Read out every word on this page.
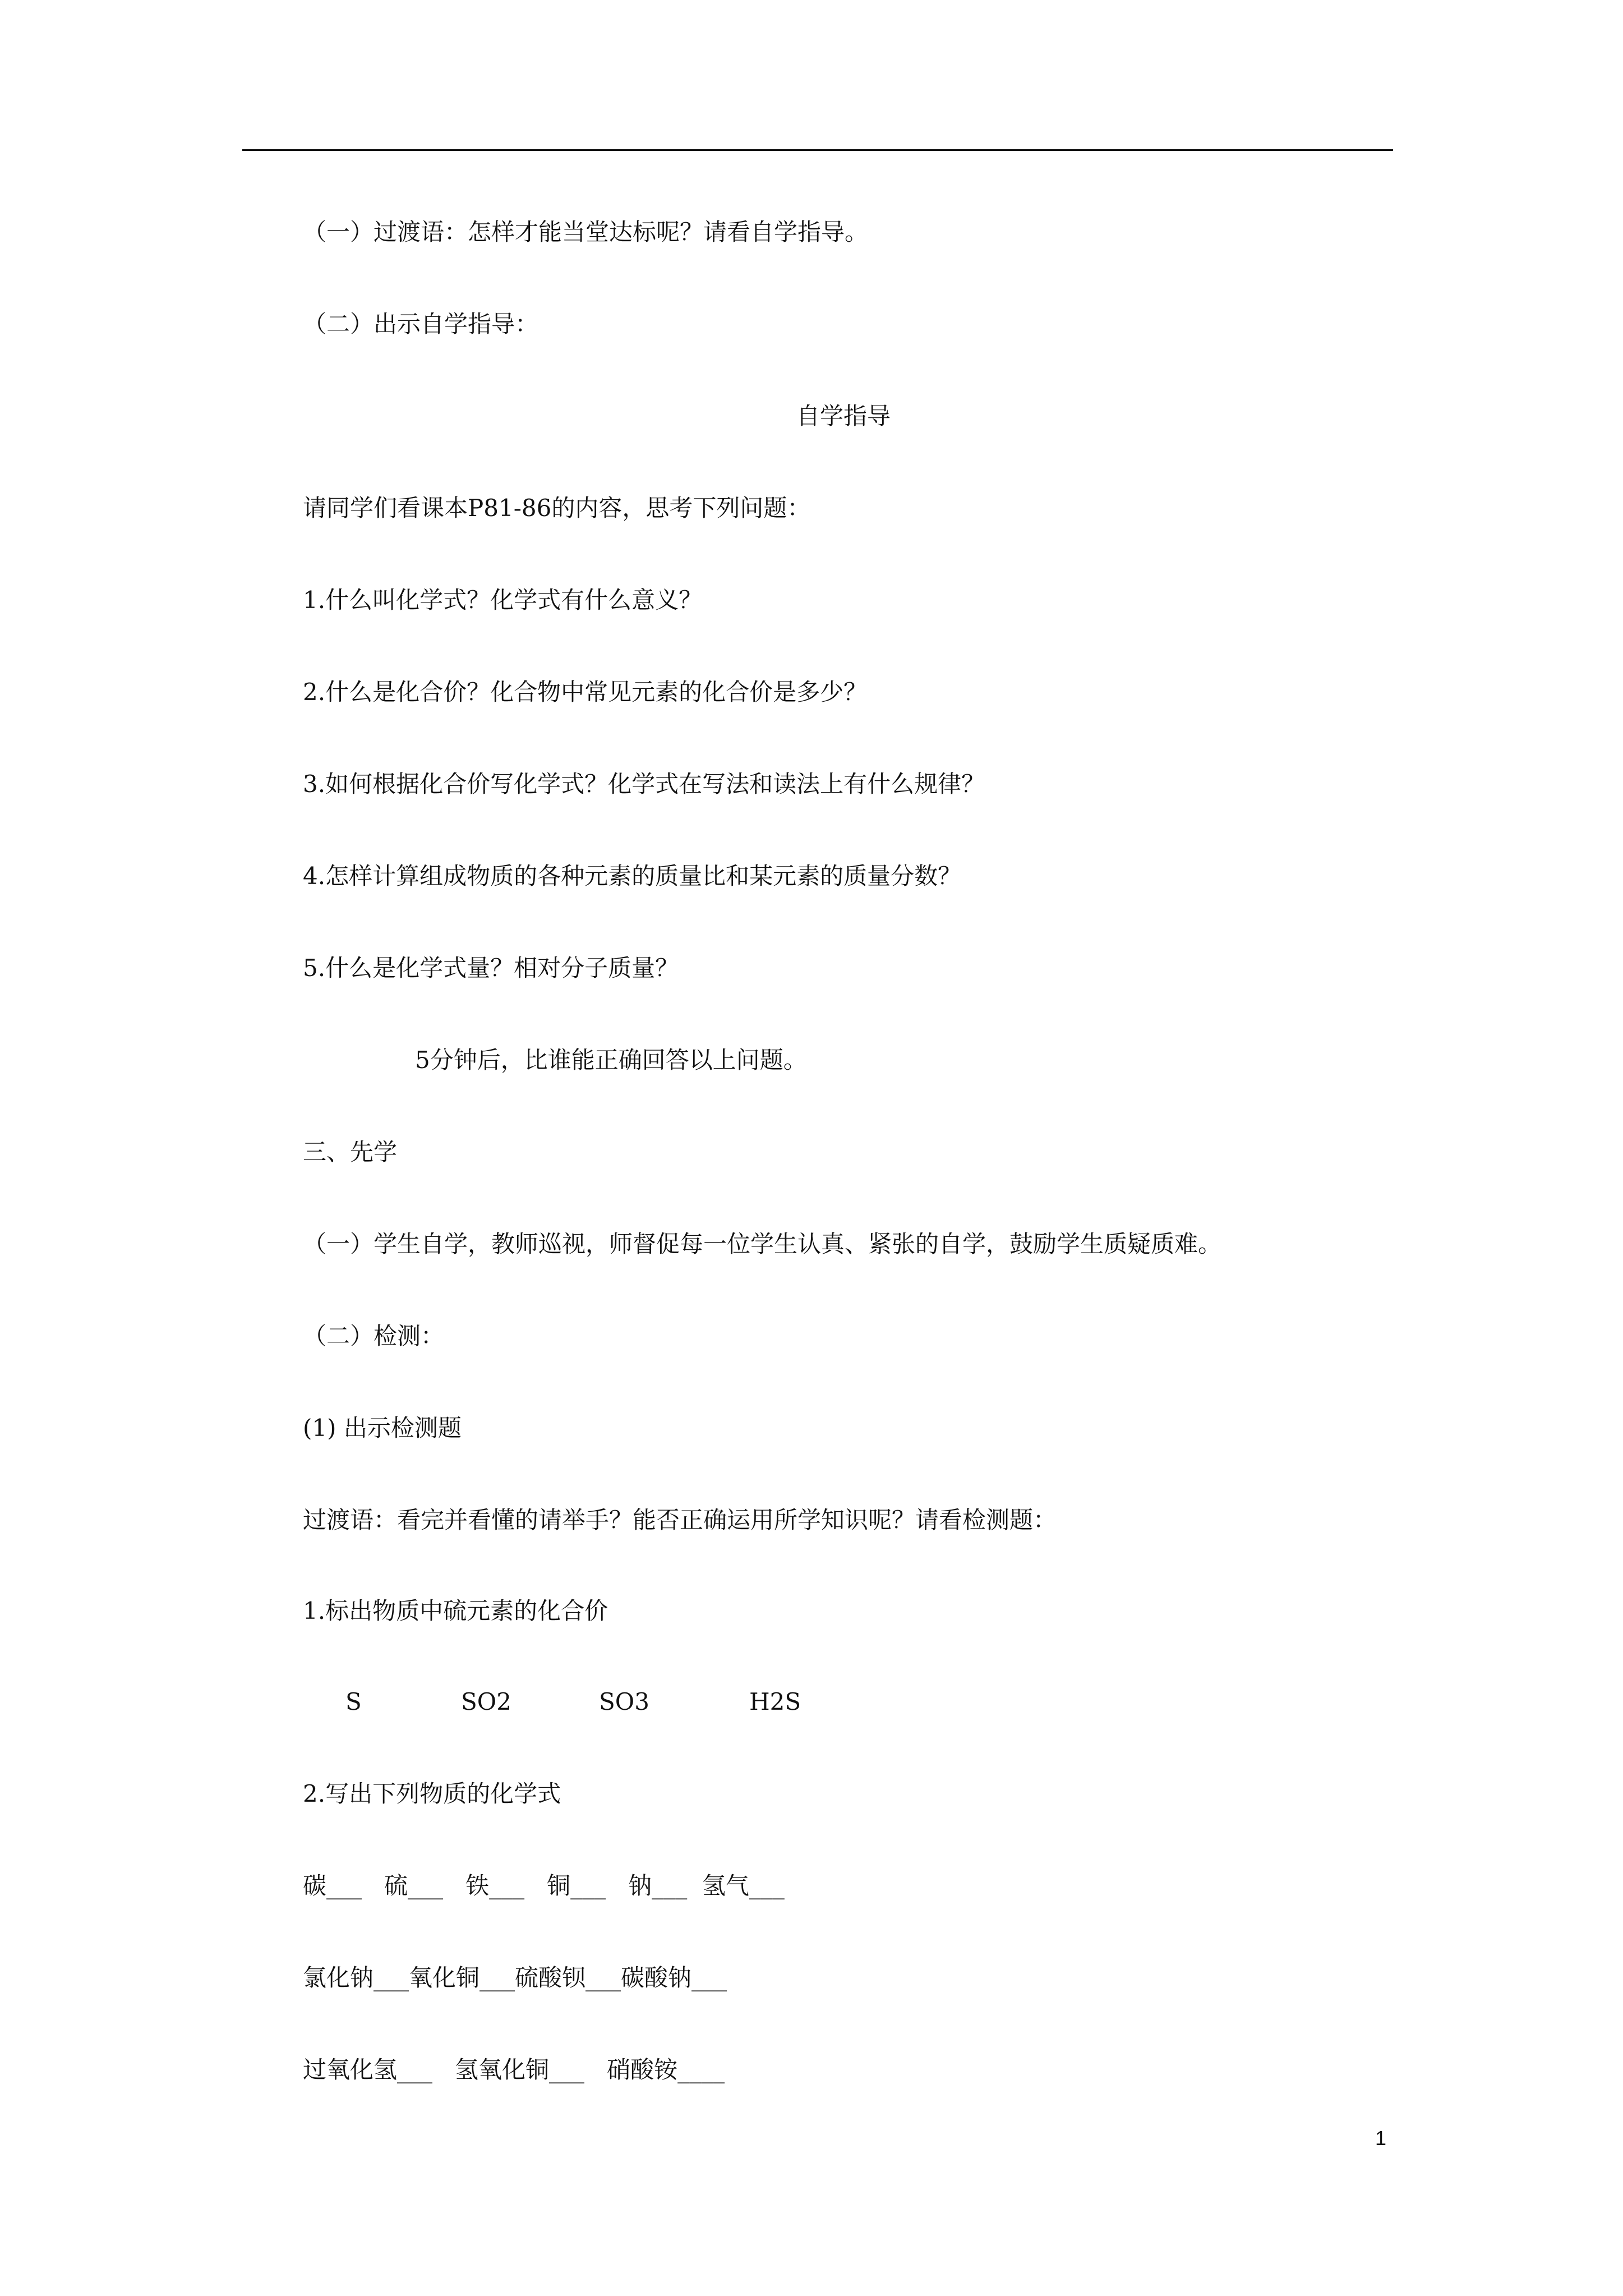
（一）过渡语：怎样才能当堂达标呢？请看自学指导。
（二）出示自学指导：
自学指导
请同学们看课本P81-86的内容，思考下列问题：
1.什么叫化学式？化学式有什么意义？
2.什么是化合价？化合物中常见元素的化合价是多少？
3.如何根据化合价写化学式？化学式在写法和读法上有什么规律？
4.怎样计算组成物质的各种元素的质量比和某元素的质量分数？
5.什么是化学式量？相对分子质量？
5分钟后，比谁能正确回答以上问题。
三、先学
（一）学生自学，教师巡视，师督促每一位学生认真、紧张的自学，鼓励学生质疑质难。
（二）检测：
(1) 出示检测题
过渡语：看完并看懂的请举手？能否正确运用所学知识呢？请看检测题：
1.标出物质中硫元素的化合价
S	SO2	SO3	H2S
2.写出下列物质的化学式
碳___   硫___   铁___   铜___   钠___  氢气___
氯化钠___氧化铜___硫酸钡___碳酸钠___
过氧化氢___   氢氧化铜___   硝酸铵____
1
